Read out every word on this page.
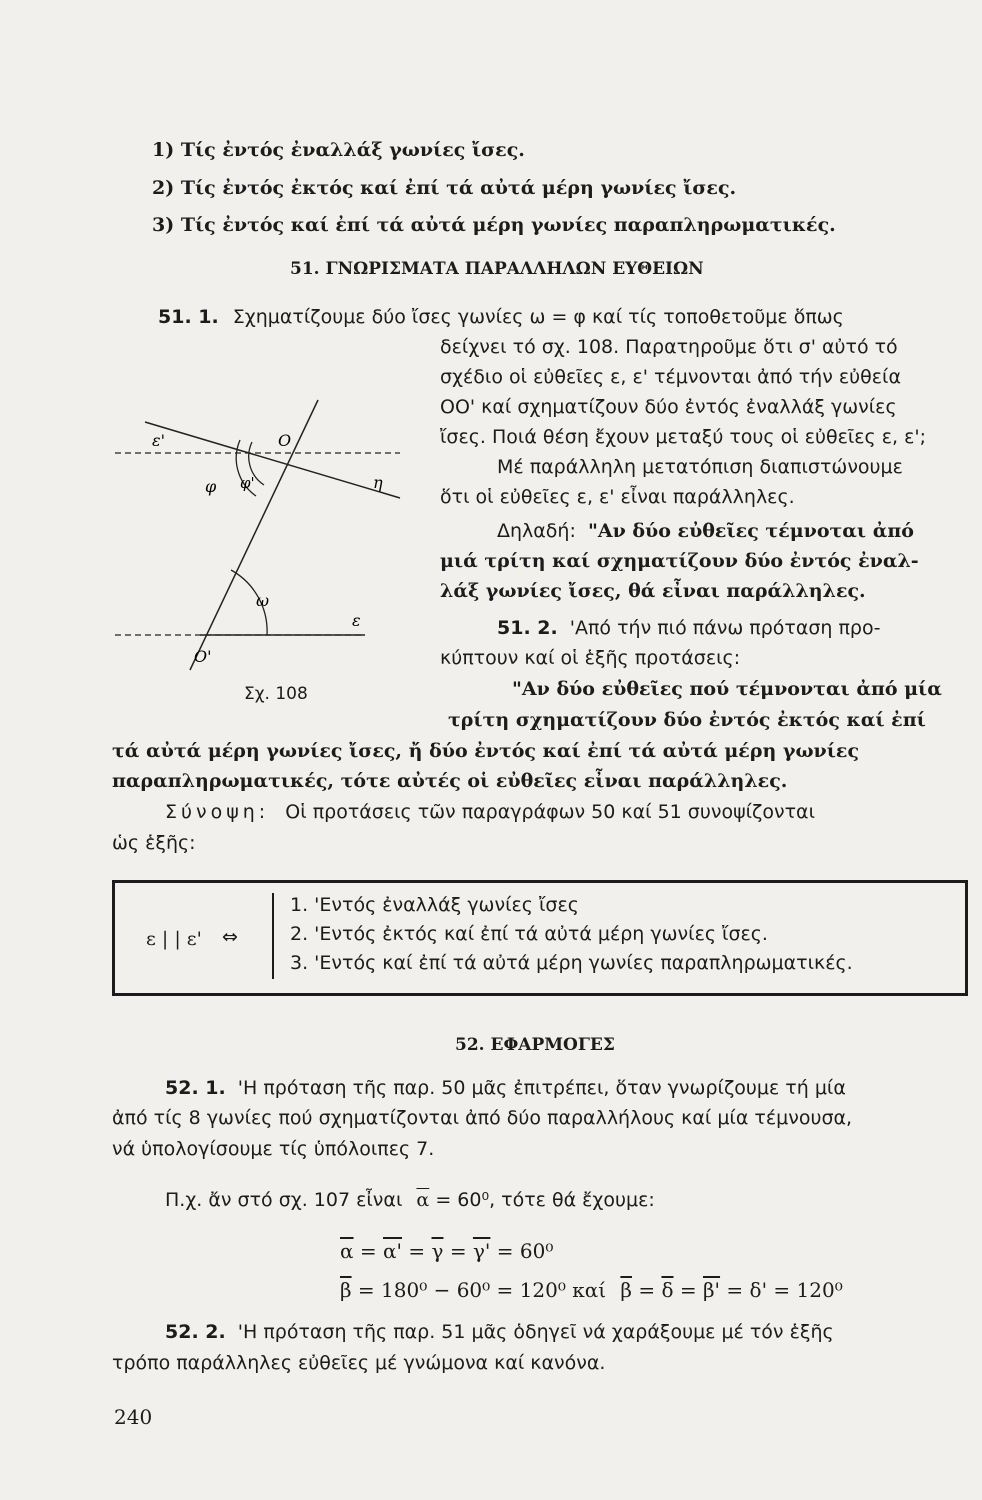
1) Τίς ἐντός ἐναλλάξ γωνίες ἴσες.
2) Τίς ἐντός ἐκτός καί ἐπί τά αὐτά μέρη γωνίες ἴσες.
3) Τίς ἐντός καί ἐπί τά αὐτά μέρη γωνίες παραπληρωματικές.
51. ΓΝΩΡΙΣΜΑΤΑ ΠΑΡΑΛΛΗΛΩΝ ΕΥΘΕΙΩΝ
51. 1. Σχηματίζουμε δύο ἴσες γωνίες ω = φ καί τίς τοποθετοῦμε ὅπως
δείχνει τό σχ. 108. Παρατηροῦμε ὅτι σ' αὐτό τό
σχέδιο οἱ εὐθεῖες ε, ε' τέμνονται ἀπό τήν εὐθεία
ΟΟ' καί σχηματίζουν δύο ἐντός ἐναλλάξ γωνίες
ἴσες. Ποιά θέση ἔχουν μεταξύ τους οἱ εὐθεῖες ε, ε';
Μέ παράλληλη μετατόπιση διαπιστώνουμε
ὅτι οἱ εὐθεῖες ε, ε' εἶναι παράλληλες.
Δηλαδή: "Αν δύο εὐθεῖες τέμνοται ἀπό
μιά τρίτη καί σχηματίζουν δύο ἐντός ἐναλ-
λάξ γωνίες ἴσες, θά εἶναι παράλληλες.
51. 2. 'Από τήν πιό πάνω πρόταση προ-
κύπτουν καί οἱ ἑξῆς προτάσεις:
"Αν δύο εὐθεῖες πού τέμνονται ἀπό μία
τρίτη σχηματίζουν δύο ἐντός ἐκτός καί ἐπί
τά αὐτά μέρη γωνίες ἴσες, ἤ δύο ἐντός καί ἐπί τά αὐτά μέρη γωνίες
παραπληρωματικές, τότε αὐτές οἱ εὐθεῖες εἶναι παράλληλες.
Σύνοψη: Οἱ προτάσεις τῶν παραγράφων 50 καί 51 συνοψίζονται
ὡς ἑξῆς:
ε'	O
φ'
φ	η
ω
ε
O'
Σχ. 108
ε | | ε' ⇔
1. 'Εντός ἐναλλάξ γωνίες ἴσες
2. 'Εντός ἐκτός καί ἐπί τά αὐτά μέρη γωνίες ἴσες.
3. 'Εντός καί ἐπί τά αὐτά μέρη γωνίες παραπληρωματικές.
52. ΕΦΑΡΜΟΓΕΣ
52. 1. 'Η πρόταση τῆς παρ. 50 μᾶς ἐπιτρέπει, ὅταν γνωρίζουμε τή μία
ἀπό τίς 8 γωνίες πού σχηματίζονται ἀπό δύο παραλλήλους καί μία τέμνουσα,
νά ὑπολογίσουμε τίς ὑπόλοιπες 7.
Π.χ. ἄν στό σχ. 107 εἶναι $\overline{\alpha} = 60^0$, τότε θά ἔχουμε:
$\overline{\alpha} = \alpha' = \overline{\gamma} = \gamma' = 60^0$
$\overline{\beta} = 180^0 - 60^0 = 120^0$ καί $\overline{\beta} = \overline{\delta} = \beta' = \delta' = 120^0$
52. 2. 'Η πρόταση τῆς παρ. 51 μᾶς ὁδηγεῖ νά χαράξουμε μέ τόν ἑξῆς
τρόπο παράλληλες εὐθεῖες μέ γνώμονα καί κανόνα.
240
